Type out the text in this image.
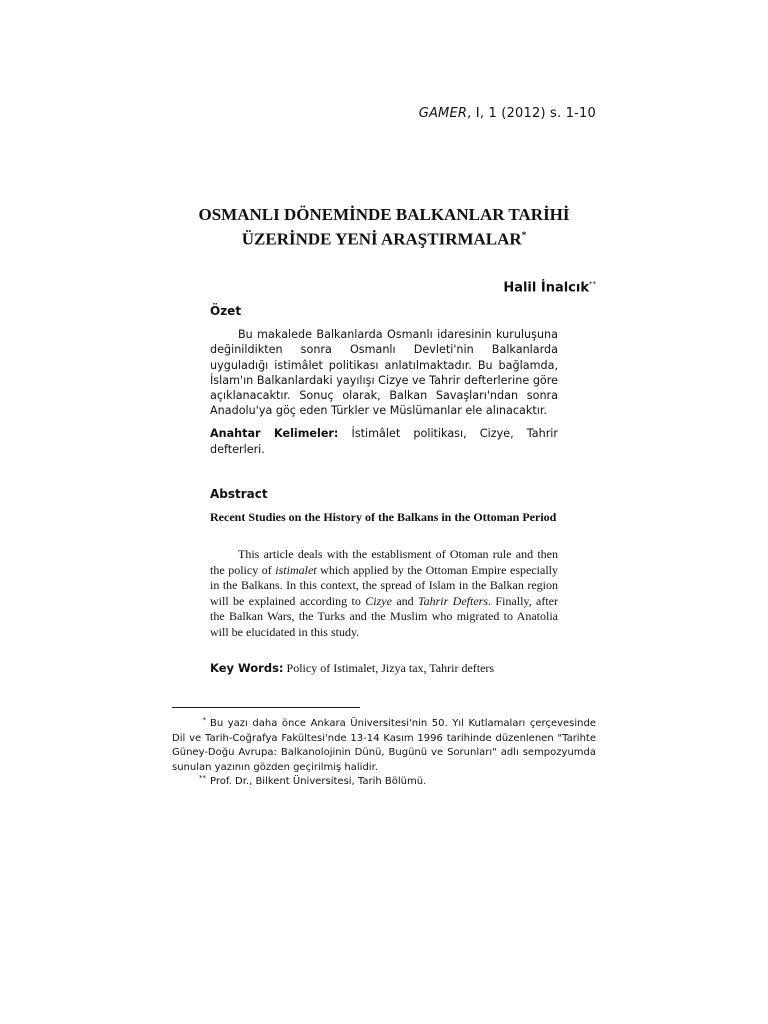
GAMER, I, 1 (2012) s. 1-10
OSMANLI DÖNEMİNDE BALKANLAR TARİHİ
ÜZERİNDE YENİ ARAŞTIRMALAR*
Halil İnalcık**
Özet

Bu makalede Balkanlarda Osmanlı idaresinin kuruluşuna değinildikten sonra Osmanlı Devleti'nin Balkanlarda uyguladığı istimâlet politikası anlatılmaktadır. Bu bağlamda, İslam'ın Balkanlardaki yayılışı Cizye ve Tahrir defterlerine göre açıklanacaktır. Sonuç olarak, Balkan Savaşları'ndan sonra Anadolu'ya göç eden Türkler ve Müslümanlar ele alınacaktır.

Anahtar Kelimeler: İstimâlet politikası, Cizye, Tahrir defterleri.

Abstract

Recent Studies on the History of the Balkans in the Ottoman Period

This article deals with the establisment of Otoman rule and then the policy of istimalet which applied by the Ottoman Empire especially in the Balkans. In this context, the spread of Islam in the Balkan region will be explained according to Cizye and Tahrir Defters. Finally, after the Balkan Wars, the Turks and the Muslim who migrated to Anatolia will be elucidated in this study.

Key Words: Policy of Istimalet, Jizya tax, Tahrir defters

* Bu yazı daha önce Ankara Üniversitesi'nin 50. Yıl Kutlamaları çerçevesinde Dil ve Tarih-Coğrafya Fakültesi'nde 13-14 Kasım 1996 tarihinde düzenlenen "Tarihte Güney-Doğu Avrupa: Balkanolojinin Dünü, Bugünü ve Sorunları" adlı sempozyumda sunulan yazının gözden geçirilmiş halidir.

** Prof. Dr., Bilkent Üniversitesi, Tarih Bölümü.
